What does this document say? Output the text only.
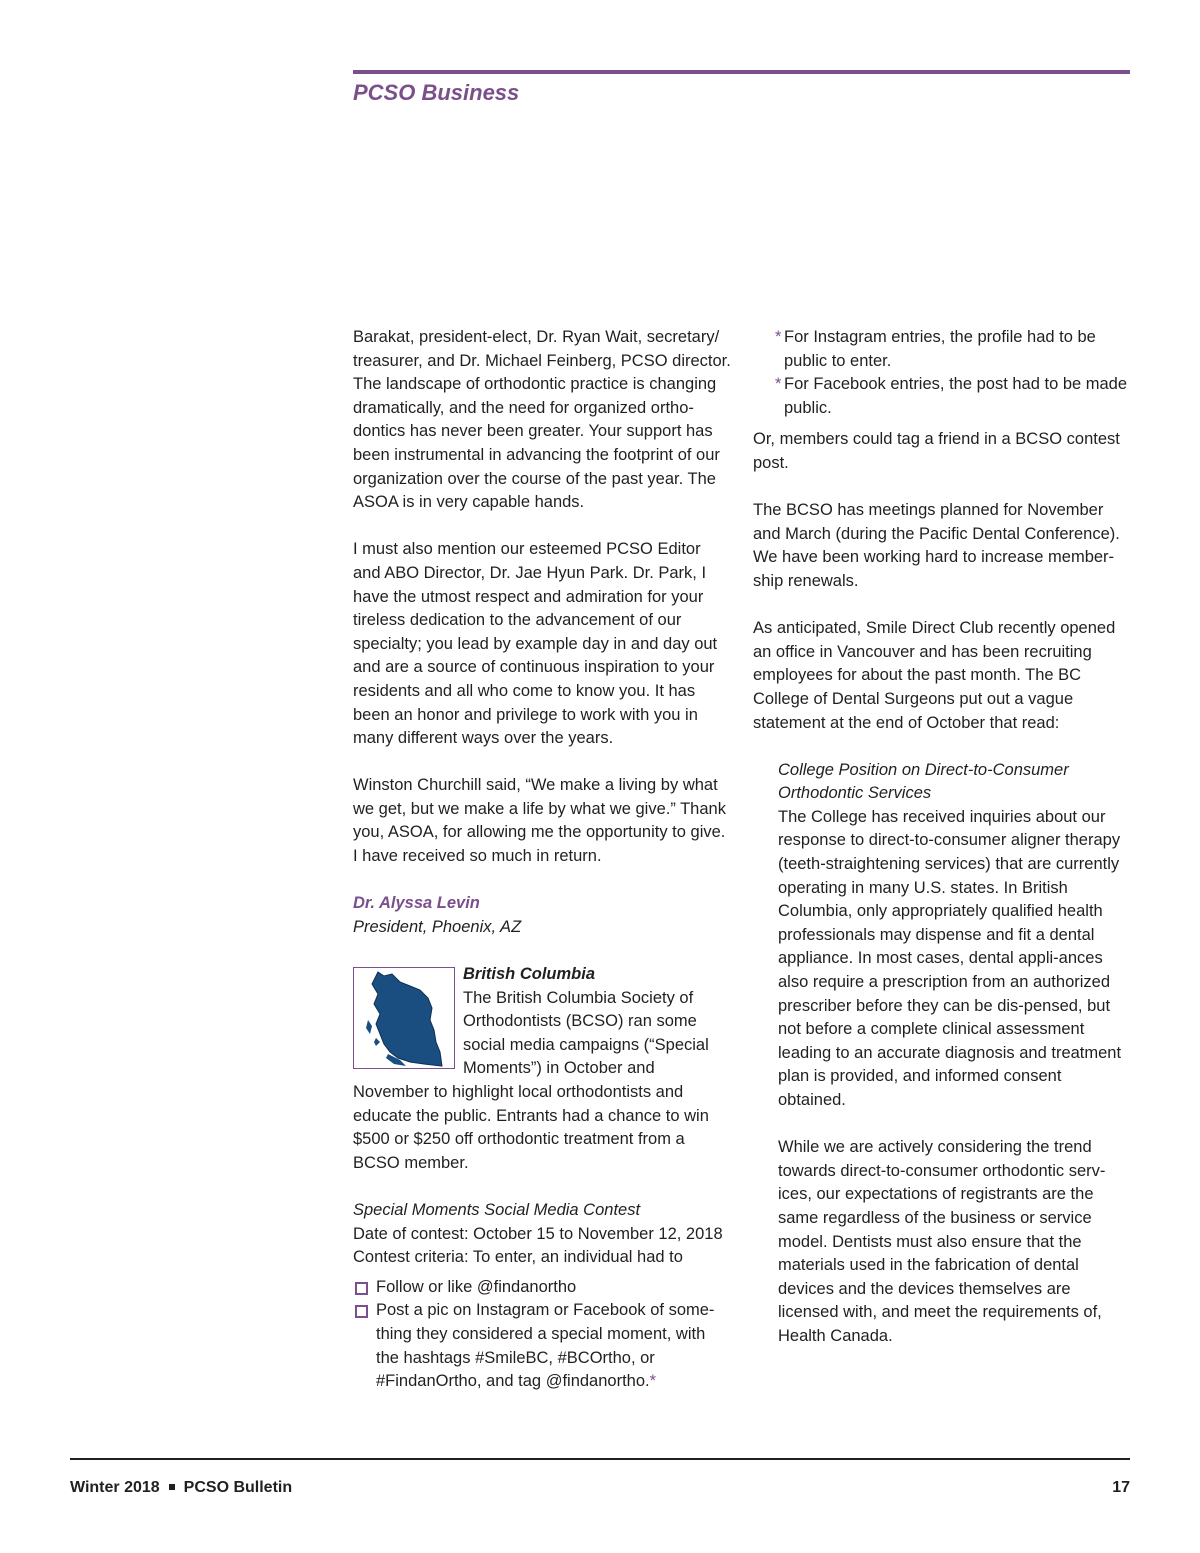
PCSO Business

Barakat, president-elect, Dr. Ryan Wait, secretary/ treasurer, and Dr. Michael Feinberg, PCSO director. The landscape of orthodontic practice is changing dramatically, and the need for organized ortho-dontics has never been greater. Your support has been instrumental in advancing the footprint of our organization over the course of the past year. The ASOA is in very capable hands.

I must also mention our esteemed PCSO Editor and ABO Director, Dr. Jae Hyun Park. Dr. Park, I have the utmost respect and admiration for your tireless dedication to the advancement of our specialty; you lead by example day in and day out and are a source of continuous inspiration to your residents and all who come to know you. It has been an honor and privilege to work with you in many different ways over the years.

Winston Churchill said, “We make a living by what we get, but we make a life by what we give.” Thank you, ASOA, for allowing me the opportunity to give. I have received so much in return.

Dr. Alyssa Levin
President, Phoenix, AZ
British Columbia

The British Columbia Society of Orthodontists (BCSO) ran some social media campaigns (“Special Moments”) in October and November to highlight local orthodontists and educate the public. Entrants had a chance to win $500 or $250 off orthodontic treatment from a BCSO member.

Special Moments Social Media Contest
Date of contest: October 15 to November 12, 2018
Contest criteria: To enter, an individual had to
Follow or like @findanortho
Post a pic on Instagram or Facebook of some-thing they considered a special moment, with the hashtags #SmileBC, #BCOrtho, or #FindanOrtho, and tag @findanortho.*
* For Instagram entries, the profile had to be public to enter.
* For Facebook entries, the post had to be made public.

Or, members could tag a friend in a BCSO contest post.

The BCSO has meetings planned for November and March (during the Pacific Dental Conference). We have been working hard to increase member-ship renewals.

As anticipated, Smile Direct Club recently opened an office in Vancouver and has been recruiting employees for about the past month. The BC College of Dental Surgeons put out a vague statement at the end of October that read:

College Position on Direct-to-Consumer Orthodontic Services

The College has received inquiries about our response to direct-to-consumer aligner therapy (teeth-straightening services) that are currently operating in many U.S. states. In British Columbia, only appropriately qualified health professionals may dispense and fit a dental appliance. In most cases, dental appli-ances also require a prescription from an authorized prescriber before they can be dis-pensed, but not before a complete clinical assessment leading to an accurate diagnosis and treatment plan is provided, and informed consent obtained.

While we are actively considering the trend towards direct-to-consumer orthodontic serv-ices, our expectations of registrants are the same regardless of the business or service model. Dentists must also ensure that the materials used in the fabrication of dental devices and the devices themselves are licensed with, and meet the requirements of, Health Canada.

Winter 2018 PCSO Bulletin	17
